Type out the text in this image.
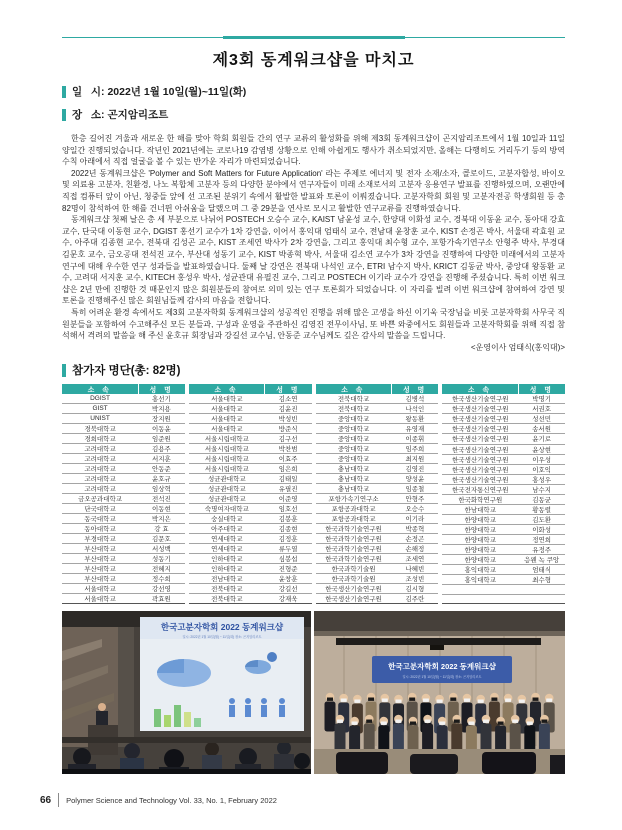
제3회 동계워크샵을 마치고
일   시: 2022년 1월 10일(월)~11일(화)
장   소: 곤지암리조트

한층 길어진 겨울과 새로운 한 해를 맞아 학회 회원들 간의 연구 교류의 활성화를 위해 제3회 동계워크샵이 곤지암리조트에서 1월 10일과 11일 양일간 진행되었습니다. 작년인 2021년에는 코로나19 감염병 상황으로 인해 아쉽게도 행사가 취소되었지만, 올해는 다행히도 거리두기 등의 방역 수칙 아래에서 직접 얼굴을 볼 수 있는 반가운 자리가 마련되었습니다.

2022년 동계워크샵은 'Polymer and Soft Matters for Future Application' 라는 주제로 에너지 및 전자 소재/소자, 콜로이드, 고분자합성, 바이오 및 의료용 고분자, 친환경, 나노 복합체 고분자 등의 다양한 분야에서 연구자들이 미래 소재로서의 고분자 응용연구 발표를 진행하였으며, 오랜만에 직접 컴퓨터 앞이 아닌, 청중들 앞에 선 고조된 분위기 속에서 활발한 발표와 토론이 이뤄졌습니다. 고분자학회 회원 및 고분자전공 학생회원 등 총 82명이 참석하여 한 해를 건너뛴 아쉬움을 달랬으며 그 중 29분을 연사로 모시고 활발한 연구교류를 진행하였습니다.

동계워크샵 첫째 날은 총 세 부분으로 나뉘어 POSTECH 오승수 교수, KAIST 남윤성 교수, 한양대 이화성 교수, 경북대 이동윤 교수, 동아대 강효 교수, 단국대 이동현 교수, DGIST 홍선기 교수가 1차 강연을, 이어서 홍익대 엄태식 교수, 전남대 윤창훈 교수, KIST 손정곤 박사, 서울대 곽효원 교수, 아주대 김종현 교수, 전북대 김성곤 교수, KIST 조세연 박사가 2차 강연을, 그리고 홍익대 최수형 교수, 포항가속기연구소 안형주 박사, 부경대 김문호 교수, 금오공대 전석진 교수, 부산대 성동기 교수, KIST 박종혁 박사, 서울대 김소연 교수가 3차 강연을 진행하여 다양한 미래에서의 고분자 연구에 대해 우수한 연구 성과들을 발표하였습니다. 둘째 날 강연은 전북대 나석인 교수, ETRI 남수지 박사, KRICT 김동균 박사, 중앙대 왕동환 교수, 고려대 서지훈 교수, KITECH 홍성우 박사, 성균관대 유필진 교수, 그리고 POSTECH 이기라 교수가 강연을 진행해 주셨습니다. 특히 이번 워크샵은 2년 만에 진행한 것 때문인지 많은 회원분들의 참여로 의미 있는 연구 토론회가 되었습니다. 이 자리를 빌려 이번 워크샵에 참여하여 강연 및 토론을 진행해주신 많은 회원님들께 감사의 마음을 전합니다.

특히 어려운 환경 속에서도 제3회 고분자학회 동계워크샵의 성공적인 진행을 위해 많은 고생을 하신 이기욱 국장님을 비롯 고분자학회 사무국 직원분들을 포함하여 수고해주신 모든 분들과, 구성과 운영을 주관하신 김영진 전무이사님, 또 바쁜 와중에서도 회원들과 고분자학회를 위해 직접 참석해서 격려의 말씀을 해 주신 윤호규 회장님과 강길선 교수님, 안동준 교수님께도 깊은 감사의 말씀을 드립니다.

<운영이사 엄태식(홍익대)>
참가자 명단(총: 82명)
소 속	성 명
DGIST	홍선기
GIST	박지용
UNIST	장지원
경북대학교	이동윤
경희대학교	임준원
고려대학교	김용주
고려대학교	서지훈
고려대학교	안동준
고려대학교	윤호규
고려대학교	임상혁
금오공과대학교	전석진
단국대학교	이동현
동국대학교	박지은
동아대학교	강 효
부경대학교	김문호
부산대학교	서성백
부산대학교	성동기
부산대학교	전혜지
부산대학교	정수희
서울대학교	강선영
서울대학교	곽효원
소 속	성 명
서울대학교	김소연
서울대학교	김윤진
서울대학교	박성빈
서울대학교	방준식
서울시립대학교	김구선
서울시립대학교	박찬범
서울시립대학교	이효주
서울시립대학교	임은희
성균관대학교	김태일
성균관대학교	유필진
성균관대학교	이준영
숙명여자대학교	임호선
숭실대학교	김봉훈
아주대학교	김종현
연세대학교	김정훈
연세대학교	류두열
인하대학교	심봉섭
인하대학교	진형준
전남대학교	윤창훈
전북대학교	강길선
전북대학교	강재욱
소 속	성 명
전북대학교	김병석
전북대학교	나석인
중앙대학교	왕동환
중앙대학교	유영재
중앙대학교	이종휘
중앙대학교	임주희
중앙대학교	최지원
충남대학교	김영진
충남대학교	양성윤
충남대학교	임종철
포항가속기연구소	안형주
포항공과대학교	오승수
포항공과대학교	이기라
한국과학기술연구원	박종혁
한국과학기술연구원	손정곤
한국과학기술연구원	손해정
한국과학기술연구원	조세연
한국과학기술원	나혜빈
한국과학기술원	조성빈
한국생산기술연구원	김시형
한국생산기술연구원	김주란
소 속	성 명
한국생산기술연구원	박명기
한국생산기술연구원	서권호
한국생산기술연구원	성선민
한국생산기술연구원	송서원
한국생산기술연구원	윤기로
한국생산기술연구원	윤상현
한국생산기술연구원	이우성
한국생산기술연구원	이호익
한국생산기술연구원	홍성우
한국전자통신연구원	남수지
한국화학연구원	김동균
한남대학교	황동렬
한양대학교	김도환
한양대학교	이화성
한양대학교	정연희
한양대학교	유정주
한양대학교	응웬 녹 쿠앙
홍익대학교	엄태식
홍익대학교	최수형

한국고분자학회 2022 동계워크샵
일시: 2022년 1월 10일(월) ~ 11일(화) 장소: 곤지암리조트
한국고분자학회 2022 동계워크샵
일시: 2022년 1월 10일(월) ~ 11일(화) 장소: 곤지암리조트
66 Polymer Science and Technology Vol. 33, No. 1, February 2022
